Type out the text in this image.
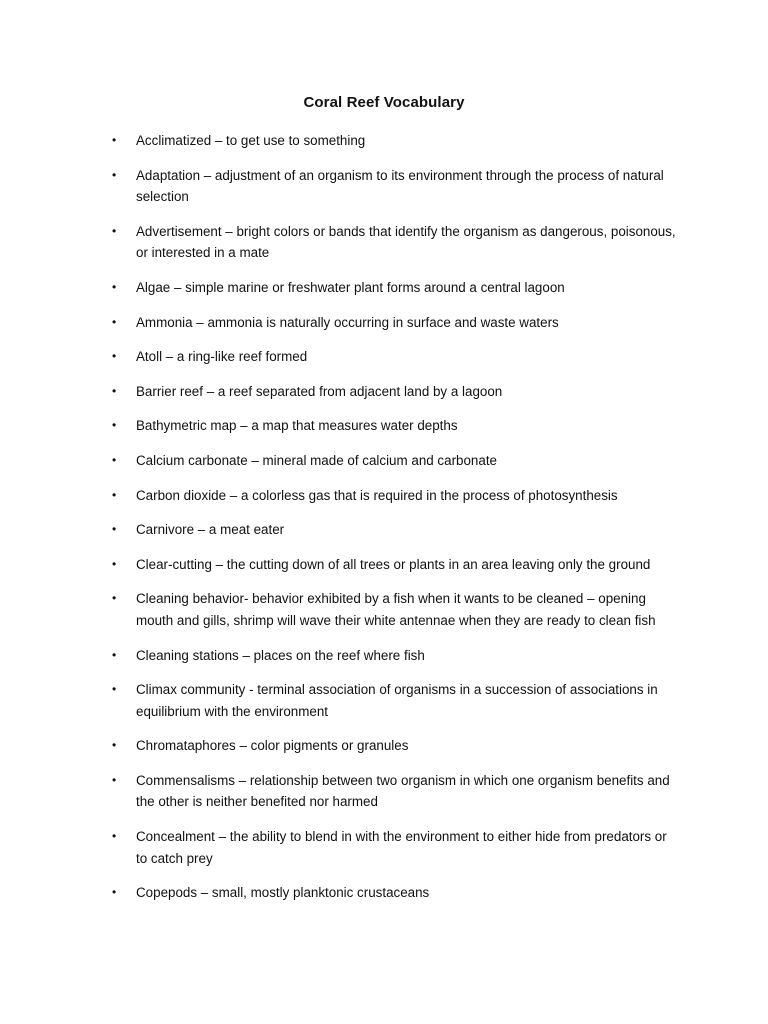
Coral Reef Vocabulary
• Acclimatized – to get use to something
• Adaptation – adjustment of an organism to its environment through the process of natural selection
• Advertisement – bright colors or bands that identify the organism as dangerous, poisonous, or interested in a mate
• Algae – simple marine or freshwater plant forms around a central lagoon
• Ammonia – ammonia is naturally occurring in surface and waste waters
• Atoll – a ring-like reef formed
• Barrier reef – a reef separated from adjacent land by a lagoon
• Bathymetric map – a map that measures water depths
• Calcium carbonate – mineral made of calcium and carbonate
• Carbon dioxide – a colorless gas that is required in the process of photosynthesis
• Carnivore – a meat eater
• Clear-cutting – the cutting down of all trees or plants in an area leaving only the ground
• Cleaning behavior- behavior exhibited by a fish when it wants to be cleaned – opening mouth and gills, shrimp will wave their white antennae when they are ready to clean fish
• Cleaning stations – places on the reef where fish
• Climax community - terminal association of organisms in a succession of associations in equilibrium with the environment
• Chromataphores – color pigments or granules
• Commensalisms – relationship between two organism in which one organism benefits and the other is neither benefited nor harmed
• Concealment – the ability to blend in with the environment to either hide from predators or to catch prey
• Copepods – small, mostly planktonic crustaceans
